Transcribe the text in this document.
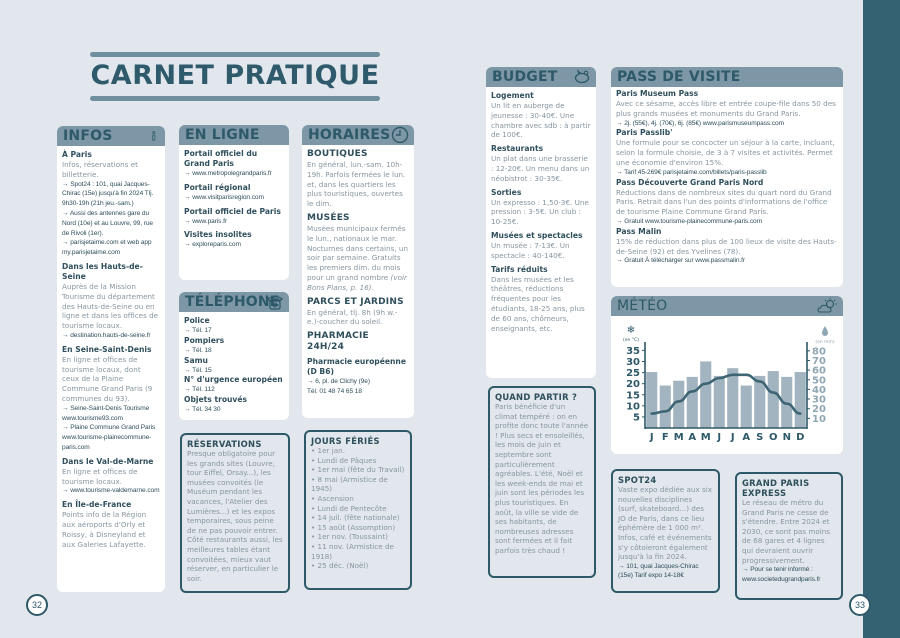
CARNET PRATIQUE
INFOS
À Paris
Infos, réservations et billetterie.
→ Spot24 : 101, quai Jacques-Chirac (15e) jusqu'à fin 2024 Tlj. 9h30-19h (21h jeu.-sam.)
→ Aussi des antennes gare du Nord (10e) et au Louvre, 99, rue de Rivoli (1er).
→ parisjetaime.com et web app my.parisjetaime.com
Dans les Hauts-de-Seine
Auprès de la Mission Tourisme du département des Hauts-de-Seine ou en ligne et dans les offices de tourisme locaux.
→ destination.hauts-de-seine.fr
En Seine-Saint-Denis
En ligne et offices de tourisme locaux, dont ceux de la Plaine Commune Grand Paris (9 communes du 93).
→ Seine-Saint-Denis Tourisme www.tourisme93.com
→ Plaine Commune Grand Paris www.tourisme-plainecommune-paris.com
Dans le Val-de-Marne
En ligne et offices de tourisme locaux.
→ www.tourisme-valdemarne.com
En Île-de-France
Points info de la Région aux aéroports d'Orly et Roissy, à Disneyland et aux Galeries Lafayette.
EN LIGNE
Portail officiel du Grand Paris
→ www.metropolegrandparis.fr
Portail régional
→ www.visitparisregion.com
Portail officiel de Paris
→ www.paris.fr
Visites insolites
→ exploreparis.com
TÉLÉPHONE
Police
→ Tél. 17
Pompiers
→ Tél. 18
Samu
→ Tél. 15
N° d'urgence européen
→ Tél. 112
Objets trouvés
→ Tél. 34 30
RÉSERVATIONS
Presque obligatoire pour les grands sites (Louvre, tour Eiffel, Orsay...), les musées convoités (le Muséum pendant les vacances, l'Atelier des Lumières...) et les expos temporaires, sous peine de ne pas pouvoir entrer. Côté restaurants aussi, les meilleures tables étant convoitées, mieux vaut réserver, en particulier le soir.
HORAIRES
BOUTIQUES
En général, lun.-sam. 10h-19h. Parfois fermées le lun. et, dans les quartiers les plus touristiques, ouvertes le dim.
MUSÉES
Musées municipaux fermés le lun., nationaux le mar. Nocturnes dans certains, un soir par semaine. Gratuits les premiers dim. du mois pour un grand nombre (voir Bons Plans, p. 16).
PARCS ET JARDINS
En général, tlj. 8h (9h w.-e.)-coucher du soleil.
PHARMACIE 24H/24
Pharmacie européenne (D B6)
→ 6, pl. de Clichy (9e)
Tél. 01 48 74 65 18
JOURS FÉRIÉS
• 1er jan.
• Lundi de Pâques
• 1er mai (fête du Travail)
• 8 mai (Armistice de 1945)
• Ascension
• Lundi de Pentecôte
• 14 juil. (fête nationale)
• 15 août (Assomption)
• 1er nov. (Toussaint)
• 11 nov. (Armistice de 1918)
• 25 déc. (Noël)
BUDGET
Logement
Un lit en auberge de jeunesse : 30-40€. Une chambre avec sdb : à partir de 100€.
Restaurants
Un plat dans une brasserie : 12-20€. Un menu dans un néobistrot : 30-35€.
Sorties
Un expresso : 1,50-3€. Une pression : 3-5€. Un club : 10-25€.
Musées et spectacles
Un musée : 7-13€. Un spectacle : 40-140€.
Tarifs réduits
Dans les musées et les théâtres, réductions fréquentes pour les étudiants, 18-25 ans, plus de 60 ans, chômeurs, enseignants, etc.
QUAND PARTIR ?
Paris bénéficie d'un climat tempéré : on en profite donc toute l'année ! Plus secs et ensoleillés, les mois de juin et septembre sont particulièrement agréables. L'été, Noël et les week-ends de mai et juin sont les périodes les plus touristiques. En août, la ville se vide de ses habitants, de nombreuses adresses sont fermées et il fait parfois très chaud !
PASS DE VISITE
Paris Museum Pass
Avec ce sésame, accès libre et entrée coupe-file dans 50 des plus grands musées et monuments du Grand Paris.
→ 2j. (55€), 4j. (70€), 6j. (85€) www.parismuseumpass.com
Paris Passlib'
Une formule pour se concocter un séjour à la carte, incluant, selon la formule choisie, de 3 à 7 visites et activités. Permet une économie d'environ 15%.
→ Tarif 45-269€ parisjetaime.com/billets/paris-passlib
Pass Découverte Grand Paris Nord
Réductions dans de nombreux sites du quart nord du Grand Paris. Retrait dans l'un des points d'informations de l'office de tourisme Plaine Commune Grand Paris.
→ Gratuit www.tourisme-plainecommune-paris.com
Pass Malin
15% de réduction dans plus de 100 lieux de visite des Hauts-de-Seine (92) et des Yvelines (78).
→ Gratuit À télécharger sur www.passmalin.fr
MÉTÉO
❄
(en °C)	(en mm)
5
10
15
20
25
30
35
10
20
30
40
50
60
70
80
J F M A M J J A S O N D
SPOT24
Vaste expo dédiée aux six nouvelles disciplines (surf, skateboard...) des JO de Paris, dans ce lieu éphémère de 1 000 m². Infos, café et événements s'y côtoieront également jusqu'à la fin 2024.
→ 101, quai Jacques-Chirac (15e) Tarif expo 14-18€
GRAND PARIS EXPRESS
Le réseau de métro du Grand Paris ne cesse de s'étendre. Entre 2024 et 2030, ce sont pas moins de 68 gares et 4 lignes qui devraient ouvrir progressivement.
→ Pour se tenir informé : www.societedugrandparis.fr
32	33
